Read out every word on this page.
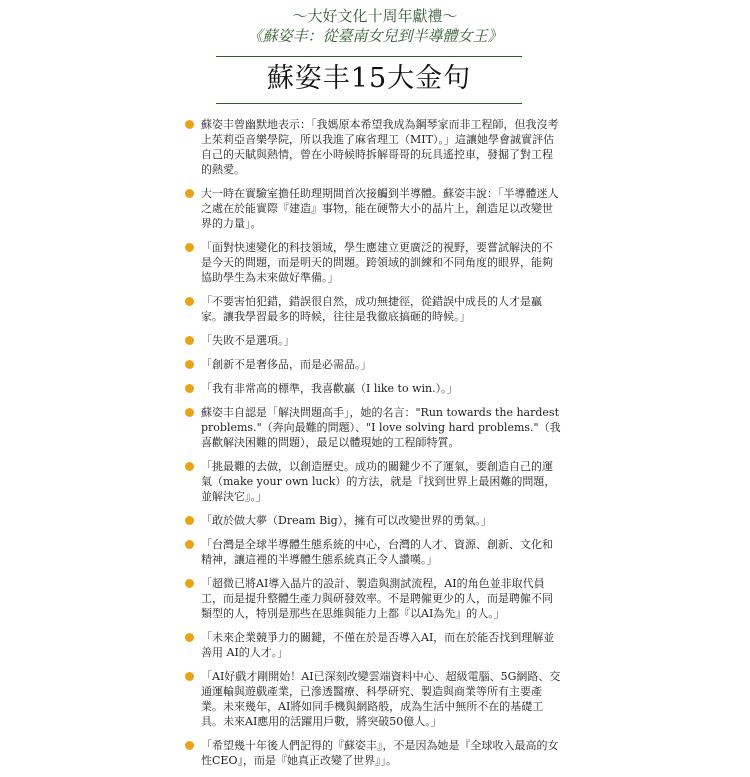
～大好文化十周年獻禮～
《蘇姿丰：從臺南女兒到半導體女王》
蘇姿丰15大金句
蘇姿丰曾幽默地表示：「我媽原本希望我成為鋼琴家而非工程師，但我沒考上茱莉亞音樂學院，所以我進了麻省理工（MIT）。」這讓她學會誠實評估自己的天賦與熱情，曾在小時候時拆解哥哥的玩具遙控車，發掘了對工程的熱愛。
大一時在實驗室擔任助理期間首次接觸到半導體。蘇姿丰說：「半導體迷人之處在於能實際『建造』事物，能在硬幣大小的晶片上，創造足以改變世界的力量」。
「面對快速變化的科技領域，學生應建立更廣泛的視野，要嘗試解決的不是今天的問題，而是明天的問題。跨領域的訓練和不同角度的眼界，能夠協助學生為未來做好準備。」
「不要害怕犯錯，錯誤很自然，成功無捷徑，從錯誤中成長的人才是贏家。讓我學習最多的時候，往往是我徹底搞砸的時候。」
「失敗不是選項。」
「創新不是奢侈品，而是必需品。」
「我有非常高的標準，我喜歡贏（I like to win.）。」
蘇姿丰自認是「解決問題高手」，她的名言："Run towards the hardest problems."（奔向最難的問題）、"I love solving hard problems."（我喜歡解決困難的問題），最足以體現她的工程師特質。
「挑最難的去做，以創造歷史。成功的關鍵少不了運氣，要創造自己的運氣（make your own luck）的方法，就是『找到世界上最困難的問題，並解決它』。」
「敢於做大夢（Dream Big），擁有可以改變世界的勇氣。」
「台灣是全球半導體生態系統的中心，台灣的人才、資源、創新、文化和精神，讓這裡的半導體生態系統真正令人讚嘆。」
「超微已將AI導入晶片的設計、製造與測試流程，AI的角色並非取代員工，而是提升整體生產力與研發效率。不是聘僱更少的人，而是聘僱不同類型的人，特別是那些在思維與能力上都『以AI為先』的人。」
「未來企業競爭力的關鍵，不僅在於是否導入AI，而在於能否找到理解並善用 AI的人才。」
「AI好戲才剛開始！AI已深刻改變雲端資料中心、超級電腦、5G網路、交通運輸與遊戲產業，已滲透醫療、科學研究、製造與商業等所有主要產業。未來幾年，AI將如同手機與網路般，成為生活中無所不在的基礎工具。未來AI應用的活躍用戶數，將突破50億人。」
「希望幾十年後人們記得的『蘇姿丰』，不是因為她是『全球收入最高的女性CEO』，而是『她真正改變了世界』」。
